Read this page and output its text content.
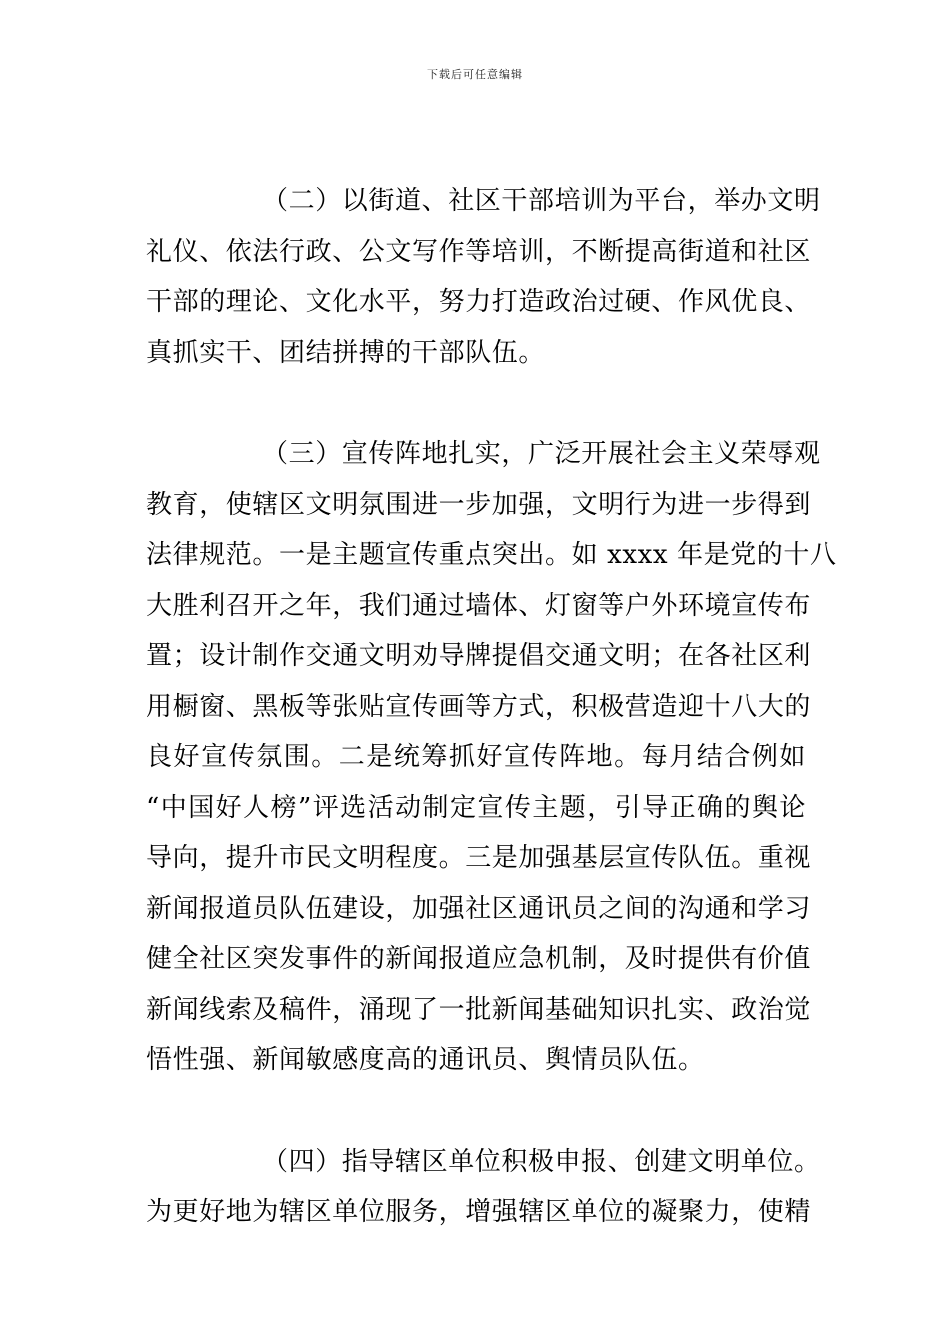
下载后可任意编辑
（二）以街道、社区干部培训为平台，举办文明
礼仪、依法行政、公文写作等培训，不断提高街道和社区
干部的理论、文化水平，努力打造政治过硬、作风优良、
真抓实干、团结拼搏的干部队伍。
（三）宣传阵地扎实，广泛开展社会主义荣辱观
教育，使辖区文明氛围进一步加强，文明行为进一步得到
法律规范。一是主题宣传重点突出。如 xxxx 年是党的十八
大胜利召开之年，我们通过墙体、灯窗等户外环境宣传布
置；设计制作交通文明劝导牌提倡交通文明；在各社区利
用橱窗、黑板等张贴宣传画等方式，积极营造迎十八大的
良好宣传氛围。二是统筹抓好宣传阵地。每月结合例如
“中国好人榜”评选活动制定宣传主题，引导正确的舆论
导向，提升市民文明程度。三是加强基层宣传队伍。重视
新闻报道员队伍建设，加强社区通讯员之间的沟通和学习
健全社区突发事件的新闻报道应急机制，及时提供有价值
新闻线索及稿件，涌现了一批新闻基础知识扎实、政治觉
悟性强、新闻敏感度高的通讯员、舆情员队伍。
（四）指导辖区单位积极申报、创建文明单位。
为更好地为辖区单位服务，增强辖区单位的凝聚力，使精
